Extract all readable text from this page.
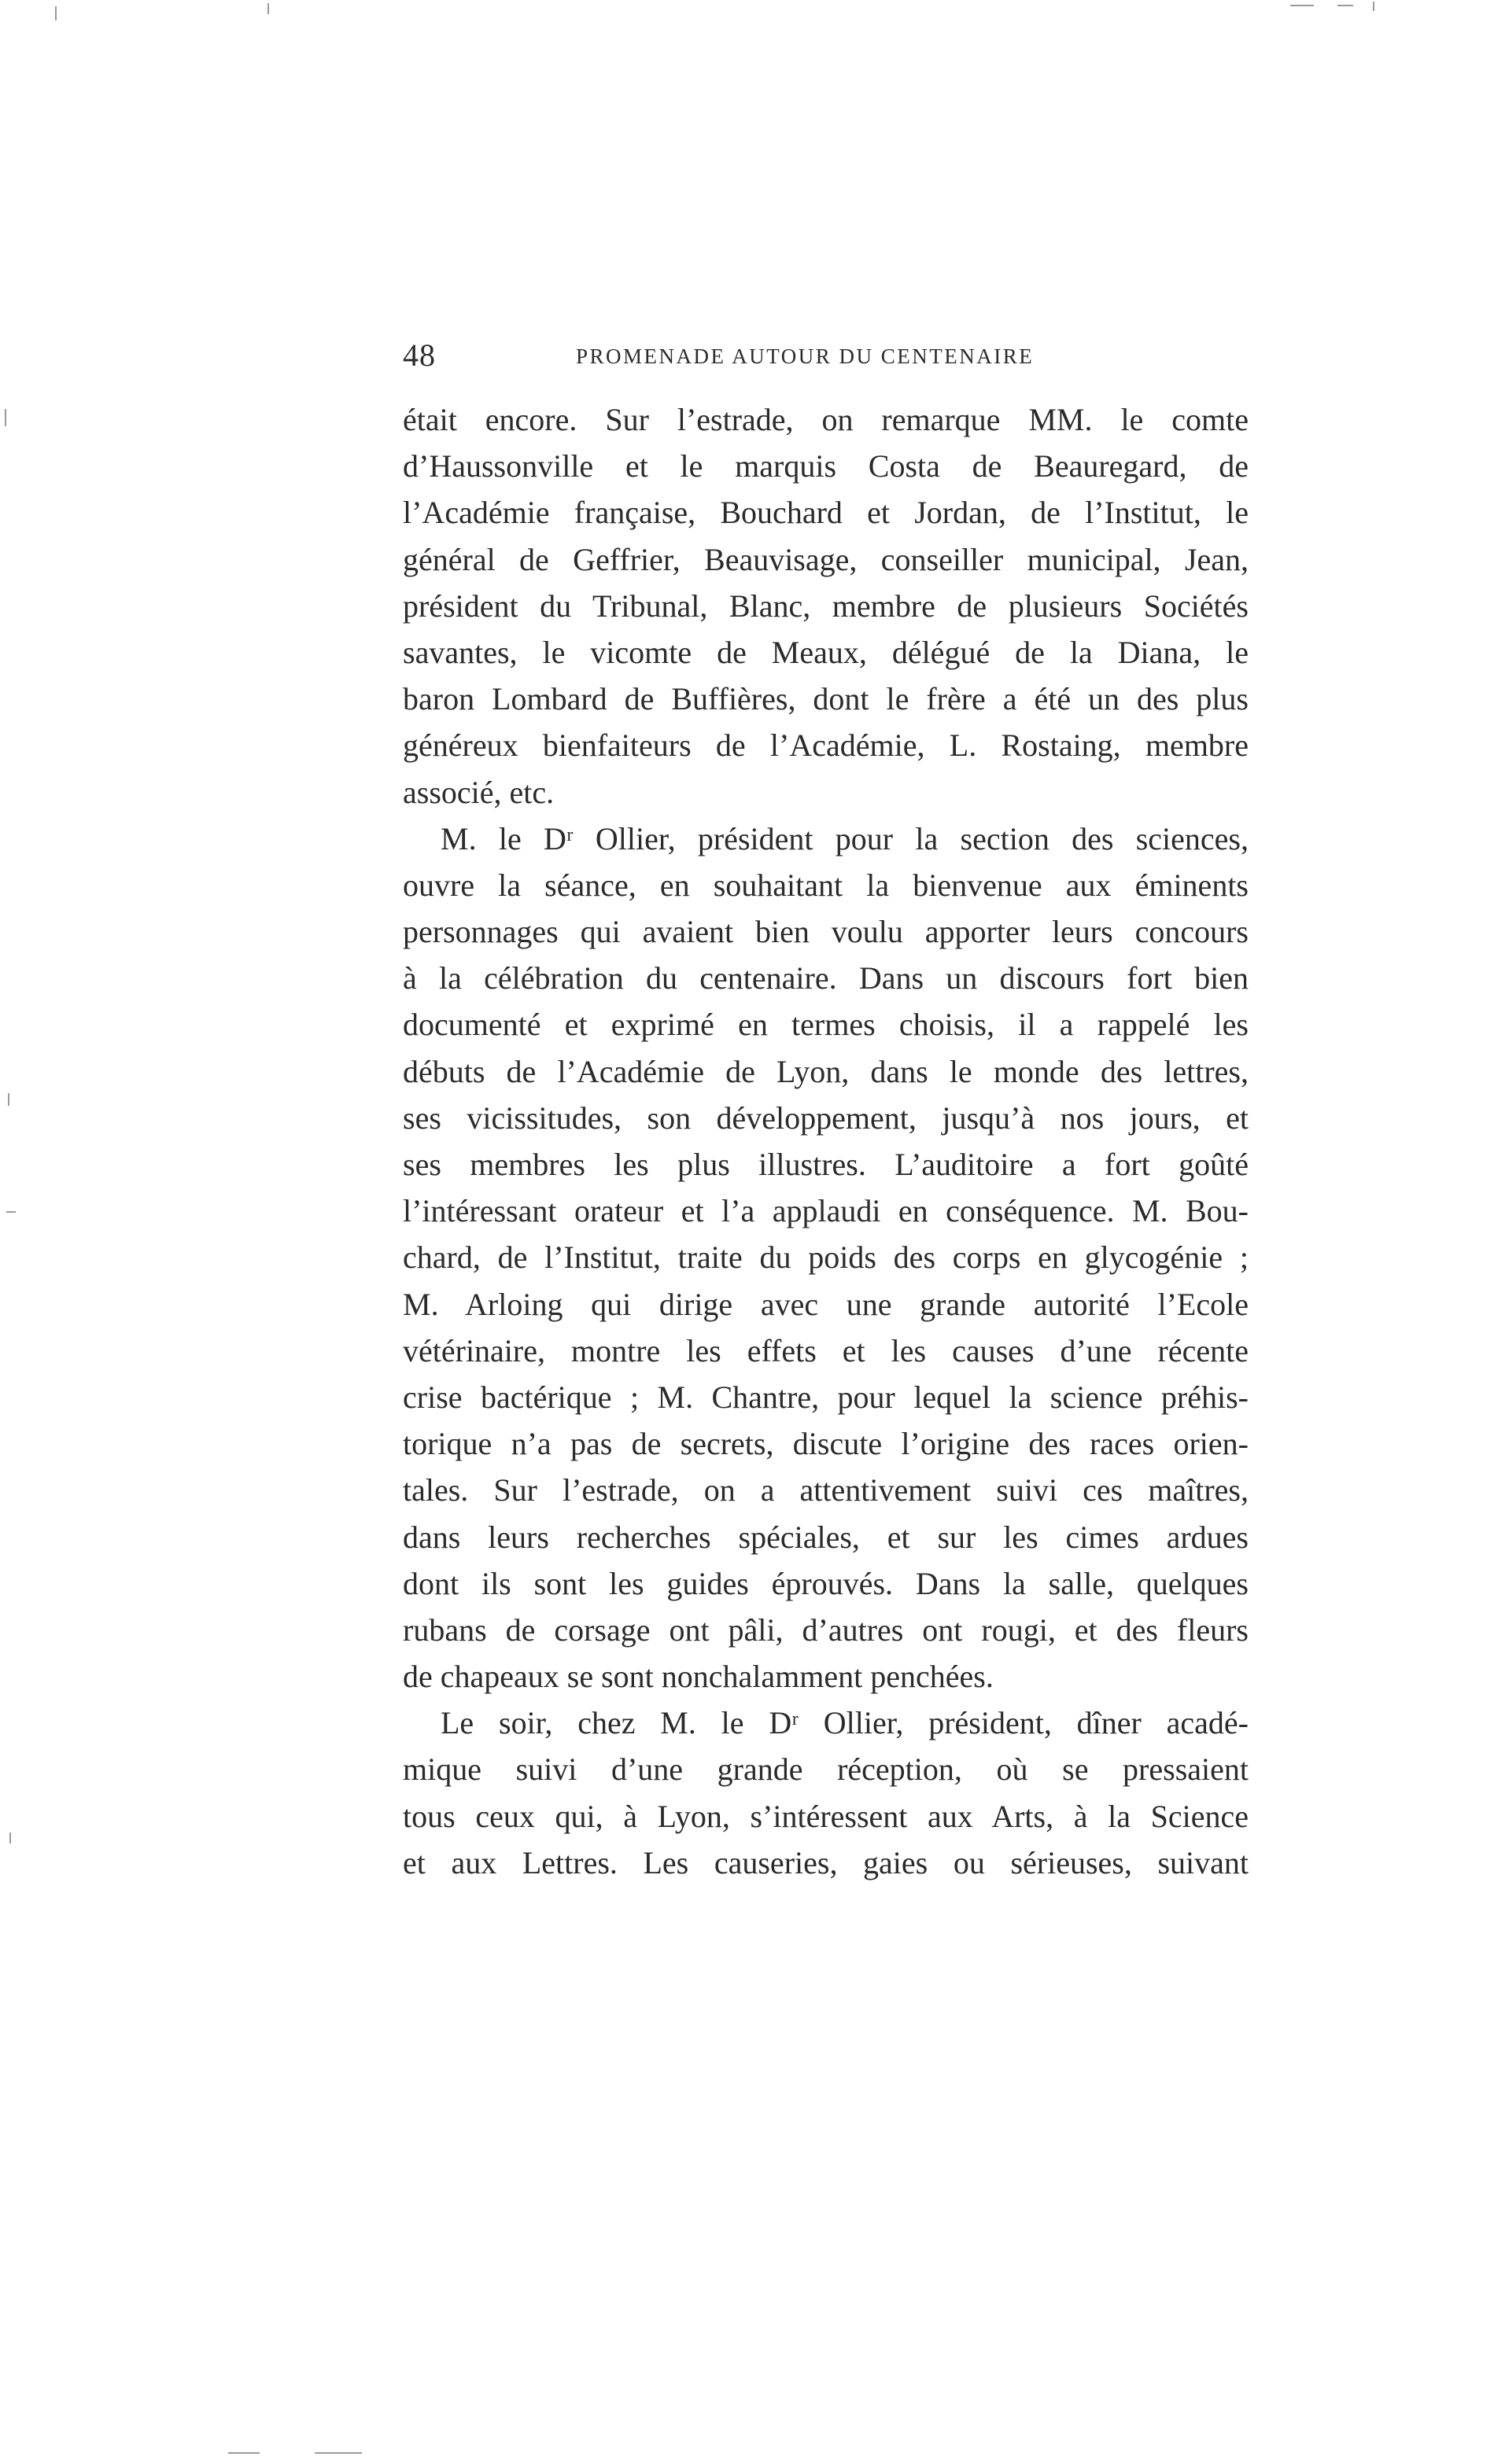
48	PROMENADE AUTOUR DU CENTENAIRE
était encore. Sur l’estrade, on remarque MM. le comte
d’Haussonville et le marquis Costa de Beauregard, de
l’Académie française, Bouchard et Jordan, de l’Institut, le
général de Geffrier, Beauvisage, conseiller municipal, Jean,
président du Tribunal, Blanc, membre de plusieurs Sociétés
savantes, le vicomte de Meaux, délégué de la Diana, le
baron Lombard de Buffières, dont le frère a été un des plus
généreux bienfaiteurs de l’Académie, L. Rostaing, membre
associé, etc.
M. le Dʳ Ollier, président pour la section des sciences,
ouvre la séance, en souhaitant la bienvenue aux éminents
personnages qui avaient bien voulu apporter leurs concours
à la célébration du centenaire. Dans un discours fort bien
documenté et exprimé en termes choisis, il a rappelé les
débuts de l’Académie de Lyon, dans le monde des lettres,
ses vicissitudes, son développement, jusqu’à nos jours, et
ses membres les plus illustres. L’auditoire a fort goûté
l’intéressant orateur et l’a applaudi en conséquence. M. Bou-
chard, de l’Institut, traite du poids des corps en glycogénie ;
M. Arloing qui dirige avec une grande autorité l’Ecole
vétérinaire, montre les effets et les causes d’une récente
crise bactérique ; M. Chantre, pour lequel la science préhis-
torique n’a pas de secrets, discute l’origine des races orien-
tales. Sur l’estrade, on a attentivement suivi ces maîtres,
dans leurs recherches spéciales, et sur les cimes ardues
dont ils sont les guides éprouvés. Dans la salle, quelques
rubans de corsage ont pâli, d’autres ont rougi, et des fleurs
de chapeaux se sont nonchalamment penchées.
Le soir, chez M. le Dʳ Ollier, président, dîner acadé-
mique suivi d’une grande réception, où se pressaient
tous ceux qui, à Lyon, s’intéressent aux Arts, à la Science
et aux Lettres. Les causeries, gaies ou sérieuses, suivant
